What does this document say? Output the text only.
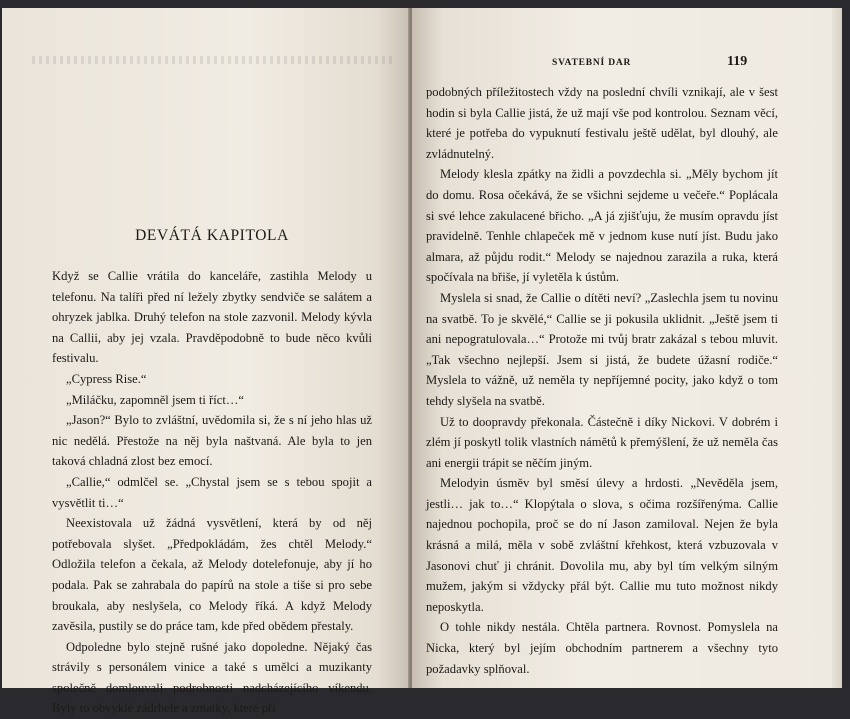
DEVÁTÁ KAPITOLA

Když se Callie vrátila do kanceláře, zastihla Melody u telefonu. Na talíři před ní ležely zbytky sendviče se salátem a ohryzek jablka. Druhý telefon na stole zazvonil. Melody kývla na Callii, aby jej vzala. Pravděpodobně to bude něco kvůli festivalu.

„Cypress Rise.“

„Miláčku, zapomněl jsem ti říct…“

„Jason?“ Bylo to zvláštní, uvědomila si, že s ní jeho hlas už nic nedělá. Přestože na něj byla naštvaná. Ale byla to jen taková chladná zlost bez emocí.

„Callie,“ odmlčel se. „Chystal jsem se s tebou spojit a vysvětlit ti…“

Neexistovala už žádná vysvětlení, která by od něj potřebovala slyšet. „Předpokládám, žes chtěl Melody.“ Odložila telefon a čekala, až Melody dotelefonuje, aby jí ho podala. Pak se zahrabala do papírů na stole a tiše si pro sebe broukala, aby neslyšela, co Melody říká. A když Melody zavěsila, pustily se do práce tam, kde před obědem přestaly.

Odpoledne bylo stejně rušné jako dopoledne. Nějaký čas strávily s personálem vinice a také s umělci a muzikanty společně domlouvali podrobnosti nadcházejícího víkendu. Byly to obvyklé zádrhele a zmatky, které při

SVATEBNÍ DAR	119

podobných příležitostech vždy na poslední chvíli vznikají, ale v šest hodin si byla Callie jistá, že už mají vše pod kontrolou. Seznam věcí, které je potřeba do vypuknutí festivalu ještě udělat, byl dlouhý, ale zvládnutelný.

Melody klesla zpátky na židli a povzdechla si. „Měly bychom jít do domu. Rosa očekává, že se všichni sejdeme u večeře.“ Poplácala si své lehce zakulacené břicho. „A já zjišťuju, že musím opravdu jíst pravidelně. Tenhle chlapeček mě v jednom kuse nutí jíst. Budu jako almara, až půjdu rodit.“ Melody se najednou zarazila a ruka, která spočívala na břiše, jí vyletěla k ústům.

Myslela si snad, že Callie o dítěti neví? „Zaslechla jsem tu novinu na svatbě. To je skvělé,“ Callie se ji pokusila uklidnit. „Ještě jsem ti ani nepogratulovala…“ Protože mi tvůj bratr zakázal s tebou mluvit. „Tak všechno nejlepší. Jsem si jistá, že budete úžasní rodiče.“ Myslela to vážně, už neměla ty nepříjemné pocity, jako když o tom tehdy slyšela na svatbě.

Už to doopravdy překonala. Částečně i díky Nickovi. V dobrém i zlém jí poskytl tolik vlastních námětů k přemýšlení, že už neměla čas ani energii trápit se něčím jiným.

Melodyin úsměv byl směsí úlevy a hrdosti. „Nevěděla jsem, jestli… jak to…“ Klopýtala o slova, s očima rozšířenýma. Callie najednou pochopila, proč se do ní Jason zamiloval. Nejen že byla krásná a milá, měla v sobě zvláštní křehkost, která vzbuzovala v Jasonovi chuť ji chránit. Dovolila mu, aby byl tím velkým silným mužem, jakým si vždycky přál být. Callie mu tuto možnost nikdy neposkytla.

O tohle nikdy nestála. Chtěla partnera. Rovnost. Pomyslela na Nicka, který byl jejím obchodním partnerem a všechny tyto požadavky splňoval.
